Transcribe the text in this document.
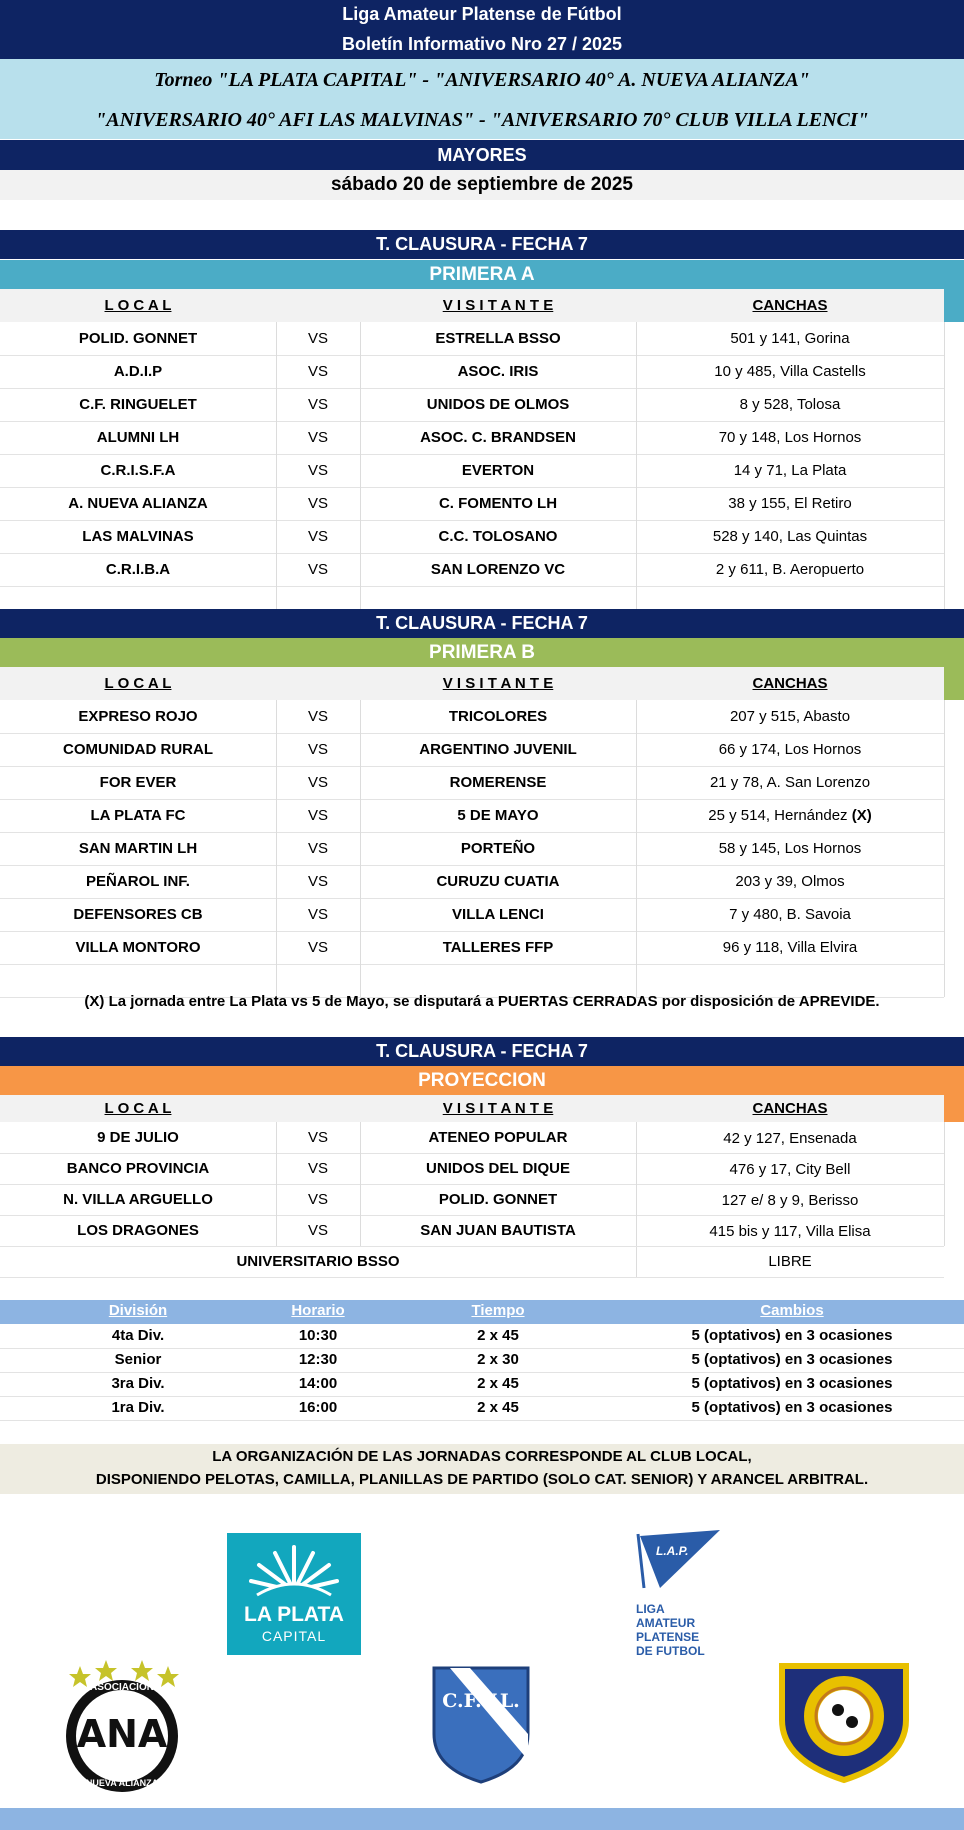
Liga Amateur Platense de Fútbol
Boletín Informativo Nro 27 / 2025
Torneo "LA PLATA CAPITAL" - "ANIVERSARIO 40° A. NUEVA ALIANZA"
"ANIVERSARIO 40° AFI LAS MALVINAS" - "ANIVERSARIO 70° CLUB VILLA LENCI"
MAYORES
sábado 20 de septiembre de 2025
T. CLAUSURA - FECHA 7
PRIMERA A
L O C A L	V I S I T A N T E	CANCHAS
POLID. GONNET	VS	ESTRELLA BSSO	501 y 141, Gorina
A.D.I.P	VS	ASOC. IRIS	10 y 485, Villa Castells
C.F. RINGUELET	VS	UNIDOS DE OLMOS	8 y 528, Tolosa
ALUMNI LH	VS	ASOC. C. BRANDSEN	70 y 148, Los Hornos
C.R.I.S.F.A	VS	EVERTON	14 y 71, La Plata
A. NUEVA ALIANZA	VS	C. FOMENTO LH	38 y 155, El Retiro
LAS MALVINAS	VS	C.C. TOLOSANO	528 y 140, Las Quintas
C.R.I.B.A	VS	SAN LORENZO VC	2 y 611, B. Aeropuerto
T. CLAUSURA - FECHA 7
PRIMERA B
L O C A L	V I S I T A N T E	CANCHAS
EXPRESO ROJO	VS	TRICOLORES	207 y 515, Abasto
COMUNIDAD RURAL	VS	ARGENTINO JUVENIL	66 y 174, Los Hornos
FOR EVER	VS	ROMERENSE	21 y 78, A. San Lorenzo
LA PLATA FC	VS	5 DE MAYO	25 y 514, Hernández (X)
SAN MARTIN LH	VS	PORTEÑO	58 y 145, Los Hornos
PEÑAROL INF.	VS	CURUZU CUATIA	203 y 39, Olmos
DEFENSORES CB	VS	VILLA LENCI	7 y 480, B. Savoia
VILLA MONTORO	VS	TALLERES FFP	96 y 118, Villa Elvira
(X) La jornada entre La Plata vs 5 de Mayo, se disputará a PUERTAS CERRADAS por disposición de APREVIDE.
T. CLAUSURA - FECHA 7
PROYECCION
L O C A L	V I S I T A N T E	CANCHAS
9 DE JULIO	VS	ATENEO POPULAR	42 y 127, Ensenada
BANCO PROVINCIA	VS	UNIDOS DEL DIQUE	476 y 17, City Bell
N. VILLA ARGUELLO	VS	POLID. GONNET	127 e/ 8 y 9, Berisso
LOS DRAGONES	VS	SAN JUAN BAUTISTA	415 bis y 117, Villa Elisa
UNIVERSITARIO BSSO	LIBRE
División	Horario	Tiempo	Cambios
4ta Div.	10:30	2 x 45	5 (optativos) en 3 ocasiones
Senior	12:30	2 x 30	5 (optativos) en 3 ocasiones
3ra Div.	14:00	2 x 45	5 (optativos) en 3 ocasiones
1ra Div.	16:00	2 x 45	5 (optativos) en 3 ocasiones
LA ORGANIZACIÓN DE LAS JORNADAS CORRESPONDE AL CLUB LOCAL,
DISPONIENDO PELOTAS, CAMILLA, PLANILLAS DE PARTIDO (SOLO CAT. SENIOR) Y ARANCEL ARBITRAL.
LA PLATA
CAPITAL
L.A.P.
LIGA
AMATEUR
PLATENSE
DE FUTBOL
ASOCIACION
ANA
NUEVA ALIANZA
C.F.V.L.
